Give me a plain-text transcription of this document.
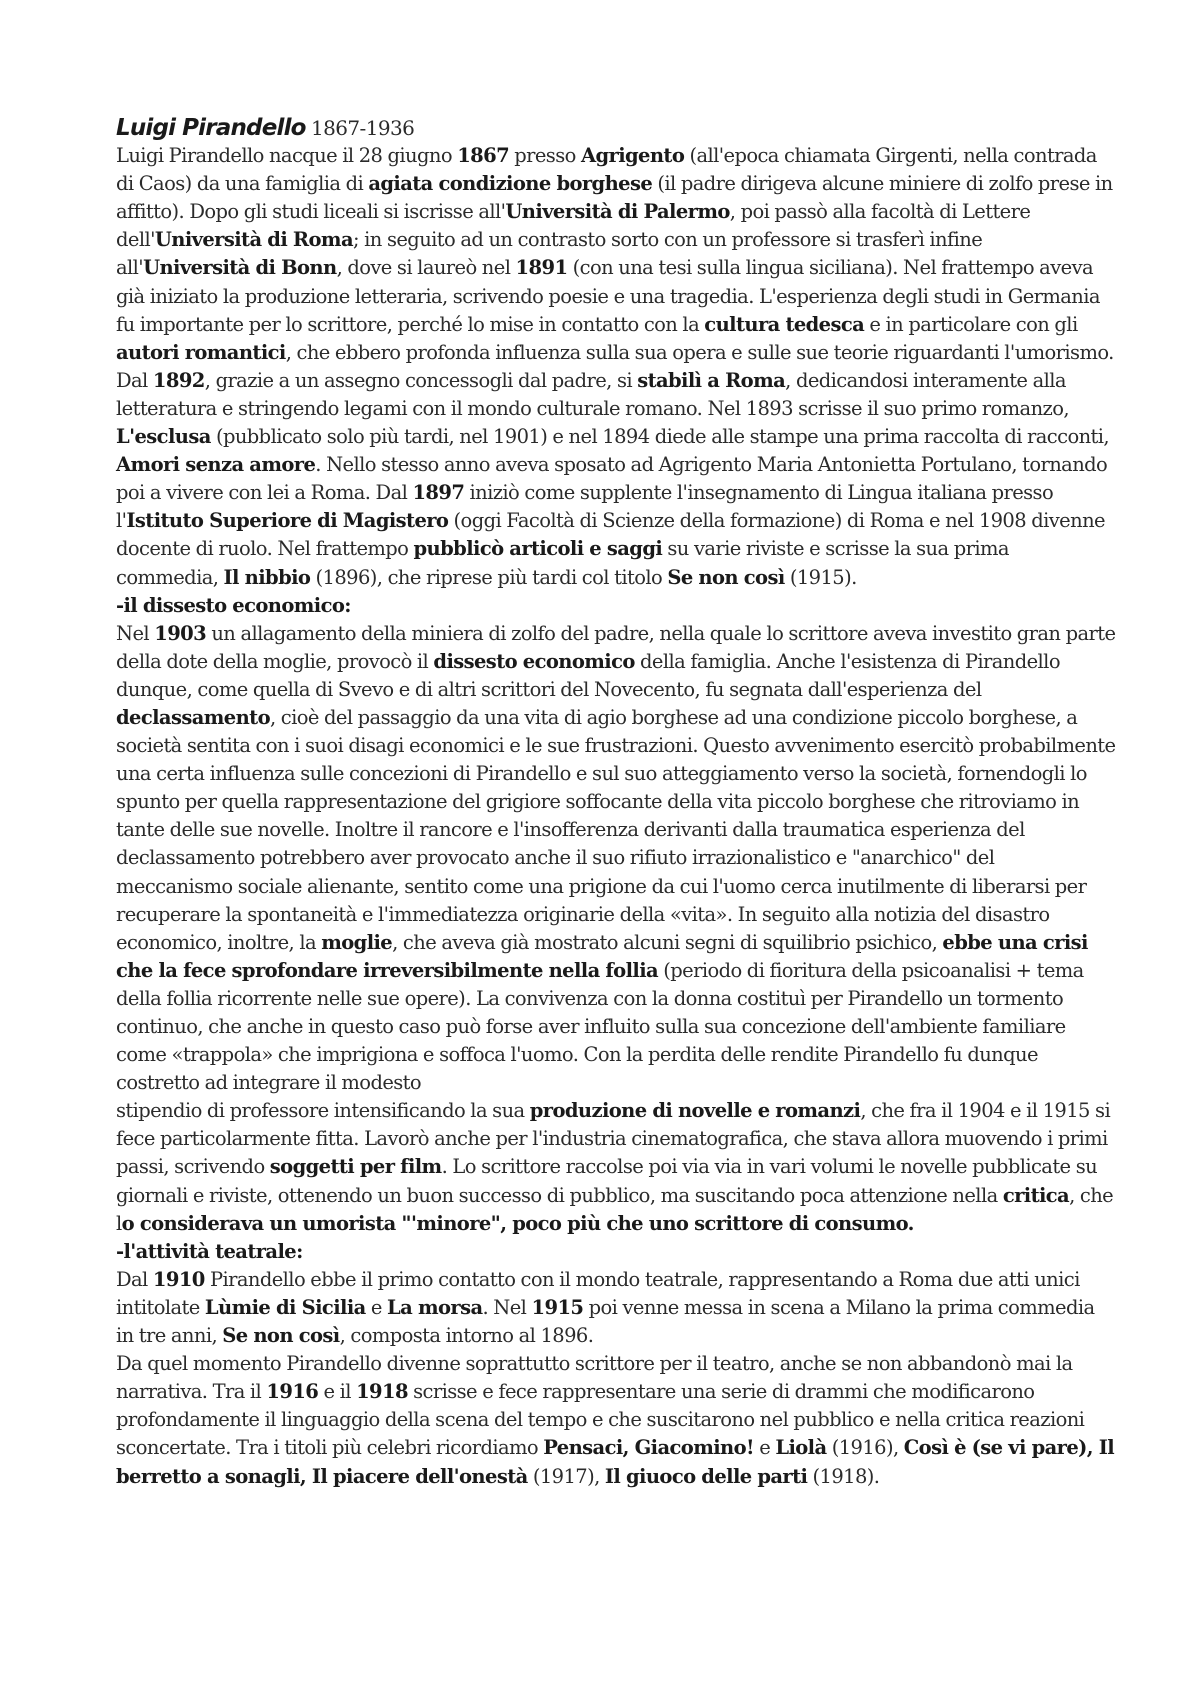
Luigi Pirandello 1867-1936

Luigi Pirandello nacque il 28 giugno 1867 presso Agrigento (all'epoca chiamata Girgenti, nella contrada di Caos) da una famiglia di agiata condizione borghese (il padre dirigeva alcune miniere di zolfo prese in affitto). Dopo gli studi liceali si iscrisse all'Università di Palermo, poi passò alla facoltà di Lettere dell'Università di Roma; in seguito ad un contrasto sorto con un professore si trasferì infine all'Università di Bonn, dove si laureò nel 1891 (con una tesi sulla lingua siciliana). Nel frattempo aveva già iniziato la produzione letteraria, scrivendo poesie e una tragedia. L'esperienza degli studi in Germania fu importante per lo scrittore, perché lo mise in contatto con la cultura tedesca e in particolare con gli autori romantici, che ebbero profonda influenza sulla sua opera e sulle sue teorie riguardanti l'umorismo. Dal 1892, grazie a un assegno concessogli dal padre, si stabilì a Roma, dedicandosi interamente alla letteratura e stringendo legami con il mondo culturale romano. Nel 1893 scrisse il suo primo romanzo, L'esclusa (pubblicato solo più tardi, nel 1901) e nel 1894 diede alle stampe una prima raccolta di racconti, Amori senza amore. Nello stesso anno aveva sposato ad Agrigento Maria Antonietta Portulano, tornando poi a vivere con lei a Roma. Dal 1897 iniziò come supplente l'insegnamento di Lingua italiana presso l'Istituto Superiore di Magistero (oggi Facoltà di Scienze della formazione) di Roma e nel 1908 divenne docente di ruolo. Nel frattempo pubblicò articoli e saggi su varie riviste e scrisse la sua prima commedia, Il nibbio (1896), che riprese più tardi col titolo Se non così (1915).

-il dissesto economico:

Nel 1903 un allagamento della miniera di zolfo del padre, nella quale lo scrittore aveva investito gran parte della dote della moglie, provocò il dissesto economico della famiglia. Anche l'esistenza di Pirandello dunque, come quella di Svevo e di altri scrittori del Novecento, fu segnata dall'esperienza del declassamento, cioè del passaggio da una vita di agio borghese ad una condizione piccolo borghese, a società sentita con i suoi disagi economici e le sue frustrazioni. Questo avvenimento esercitò probabilmente una certa influenza sulle concezioni di Pirandello e sul suo atteggiamento verso la società, fornendogli lo spunto per quella rappresentazione del grigiore soffocante della vita piccolo borghese che ritroviamo in tante delle sue novelle. Inoltre il rancore e l'insofferenza derivanti dalla traumatica esperienza del declassamento potrebbero aver provocato anche il suo rifiuto irrazionalistico e "anarchico" del meccanismo sociale alienante, sentito come una prigione da cui l'uomo cerca inutilmente di liberarsi per recuperare la spontaneità e l'immediatezza originarie della «vita». In seguito alla notizia del disastro economico, inoltre, la moglie, che aveva già mostrato alcuni segni di squilibrio psichico, ebbe una crisi che la fece sprofondare irreversibilmente nella follia (periodo di fioritura della psicoanalisi + tema della follia ricorrente nelle sue opere). La convivenza con la donna costituì per Pirandello un tormento continuo, che anche in questo caso può forse aver influito sulla sua concezione dell'ambiente familiare come «trappola» che imprigiona e soffoca l'uomo. Con la perdita delle rendite Pirandello fu dunque costretto ad integrare il modesto

stipendio di professore intensificando la sua produzione di novelle e romanzi, che fra il 1904 e il 1915 si fece particolarmente fitta. Lavorò anche per l'industria cinematografica, che stava allora muovendo i primi passi, scrivendo soggetti per film. Lo scrittore raccolse poi via via in vari volumi le novelle pubblicate su giornali e riviste, ottenendo un buon successo di pubblico, ma suscitando poca attenzione nella critica, che lo considerava un umorista "'minore", poco più che uno scrittore di consumo.

-l'attività teatrale:

Dal 1910 Pirandello ebbe il primo contatto con il mondo teatrale, rappresentando a Roma due atti unici intitolate Lùmie di Sicilia e La morsa. Nel 1915 poi venne messa in scena a Milano la prima commedia in tre anni, Se non così, composta intorno al 1896.

Da quel momento Pirandello divenne soprattutto scrittore per il teatro, anche se non abbandonò mai la narrativa. Tra il 1916 e il 1918 scrisse e fece rappresentare una serie di drammi che modificarono profondamente il linguaggio della scena del tempo e che suscitarono nel pubblico e nella critica reazioni sconcertate. Tra i titoli più celebri ricordiamo Pensaci, Giacomino! e Liolà (1916), Così è (se vi pare), Il berretto a sonagli, Il piacere dell'onestà (1917), Il giuoco delle parti (1918).
